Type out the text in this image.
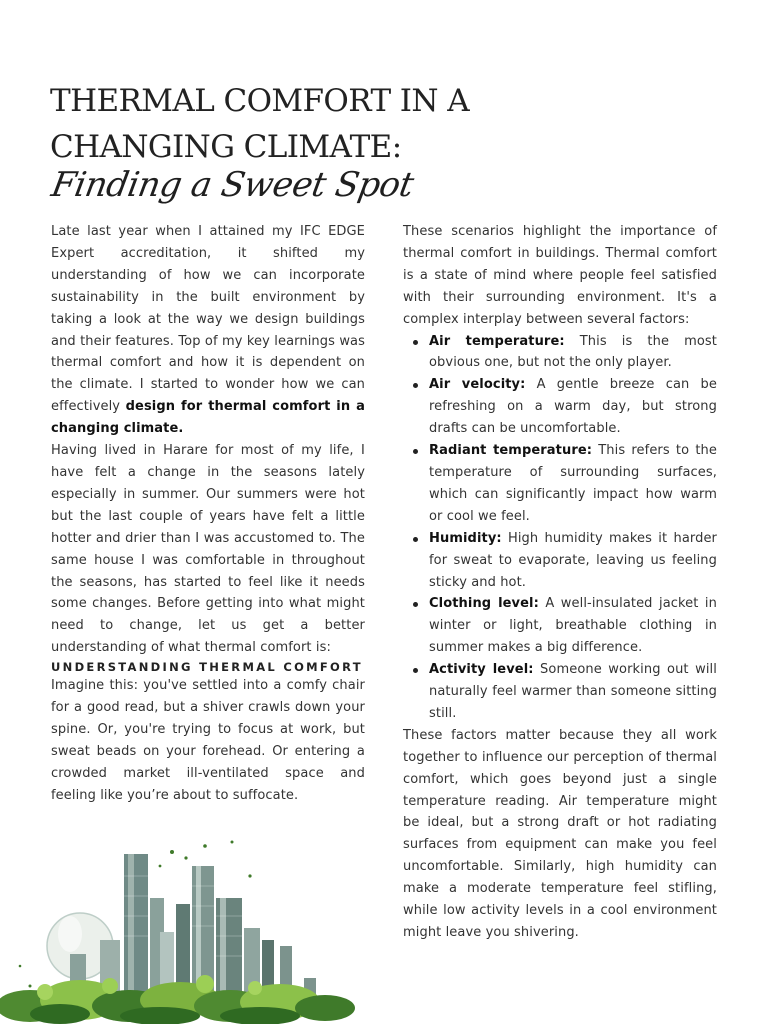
THERMAL COMFORT IN A
CHANGING CLIMATE:
Finding a Sweet Spot

Late last year when I attained my IFC EDGE Expert accreditation, it shifted my understanding of how we can incorporate sustainability in the built environment by taking a look at the way we design buildings and their features. Top of my key learnings was thermal comfort and how it is dependent on the climate. I started to wonder how we can effectively design for thermal comfort in a changing climate.

Having lived in Harare for most of my life, I have felt a change in the seasons lately especially in summer. Our summers were hot but the last couple of years have felt a little hotter and drier than I was accustomed to. The same house I was comfortable in throughout the seasons, has started to feel like it needs some changes. Before getting into what might need to change, let us get a better understanding of what thermal comfort is:

UNDERSTANDING THERMAL COMFORT

Imagine this: you've settled into a comfy chair for a good read, but a shiver crawls down your spine. Or, you're trying to focus at work, but sweat beads on your forehead. Or entering a crowded market ill-ventilated space and feeling like you’re about to suffocate.

These scenarios highlight the importance of thermal comfort in buildings. Thermal comfort is a state of mind where people feel satisfied with their surrounding environment. It's a complex interplay between several factors:

Air temperature: This is the most obvious one, but not the only player.
Air velocity: A gentle breeze can be refreshing on a warm day, but strong drafts can be uncomfortable.
Radiant temperature: This refers to the temperature of surrounding surfaces, which can significantly impact how warm or cool we feel.
Humidity: High humidity makes it harder for sweat to evaporate, leaving us feeling sticky and hot.
Clothing level: A well-insulated jacket in winter or light, breathable clothing in summer makes a big difference.
Activity level: Someone working out will naturally feel warmer than someone sitting still.

These factors matter because they all work together to influence our perception of thermal comfort, which goes beyond just a single temperature reading. Air temperature might be ideal, but a strong draft or hot radiating surfaces from equipment can make you feel uncomfortable. Similarly, high humidity can make a moderate temperature feel stifling, while low activity levels in a cool environment might leave you shivering.
